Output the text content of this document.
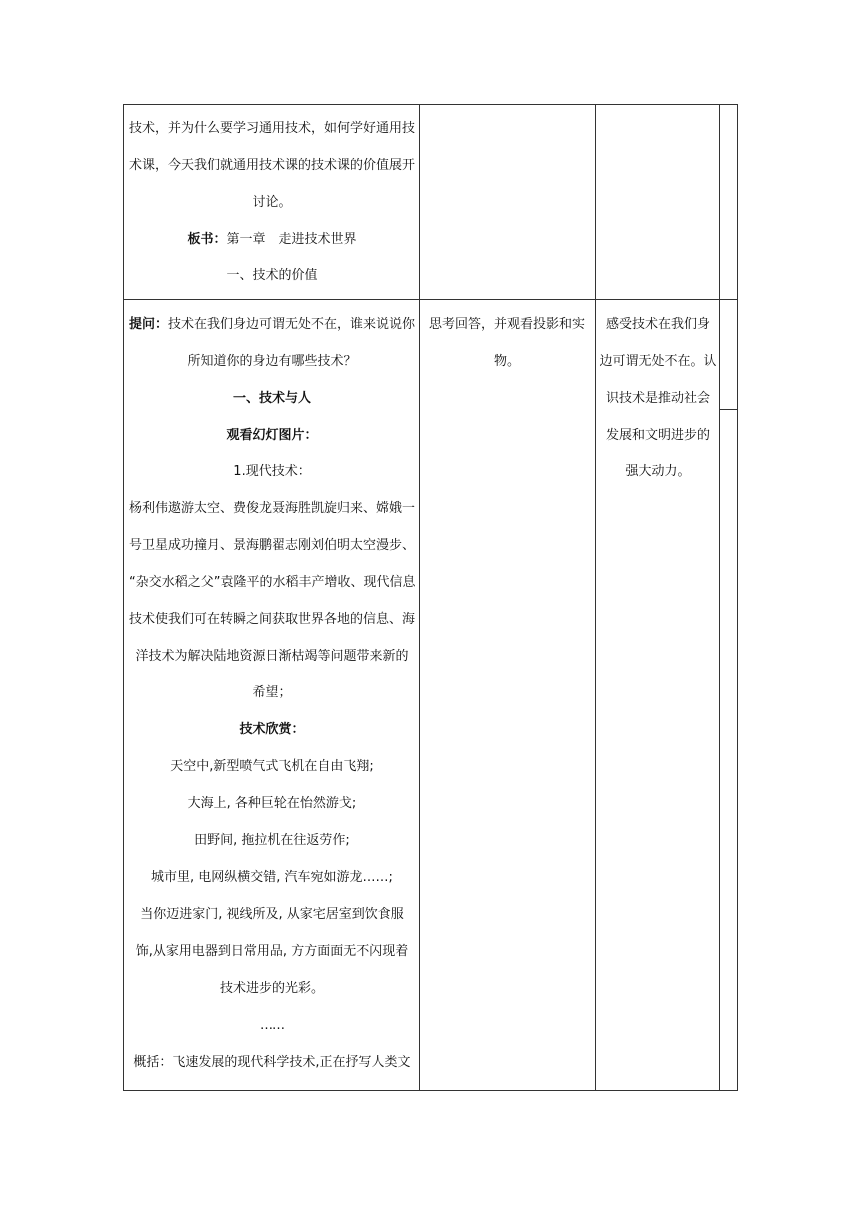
技术，并为什么要学习通用技术，如何学好通用技
术课，今天我们就通用技术课的技术课的价值展开
讨论。
板书：第一章　走进技术世界
一、技术的价值
提问：技术在我们身边可谓无处不在，谁来说说你
所知道你的身边有哪些技术？
一、技术与人
观看幻灯图片：
1.现代技术：
杨利伟遨游太空、费俊龙聂海胜凯旋归来、嫦娥一
号卫星成功撞月、景海鹏翟志刚刘伯明太空漫步、
“杂交水稻之父”袁隆平的水稻丰产增收、现代信息
技术使我们可在转瞬之间获取世界各地的信息、海
洋技术为解决陆地资源日渐枯竭等问题带来新的
希望；
技术欣赏：
天空中,新型喷气式飞机在自由飞翔;
大海上, 各种巨轮在怡然游戈;
田野间, 拖拉机在往返劳作;
城市里, 电网纵横交错, 汽车宛如游龙……;
当你迈进家门, 视线所及, 从家宅居室到饮食服
饰,从家用电器到日常用品, 方方面面无不闪现着
技术进步的光彩。
……
概括：飞速发展的现代科学技术,正在抒写人类文
思考回答，并观看投影和实
物。
感受技术在我们身
边可谓无处不在。认
识技术是推动社会
发展和文明进步的
强大动力。
